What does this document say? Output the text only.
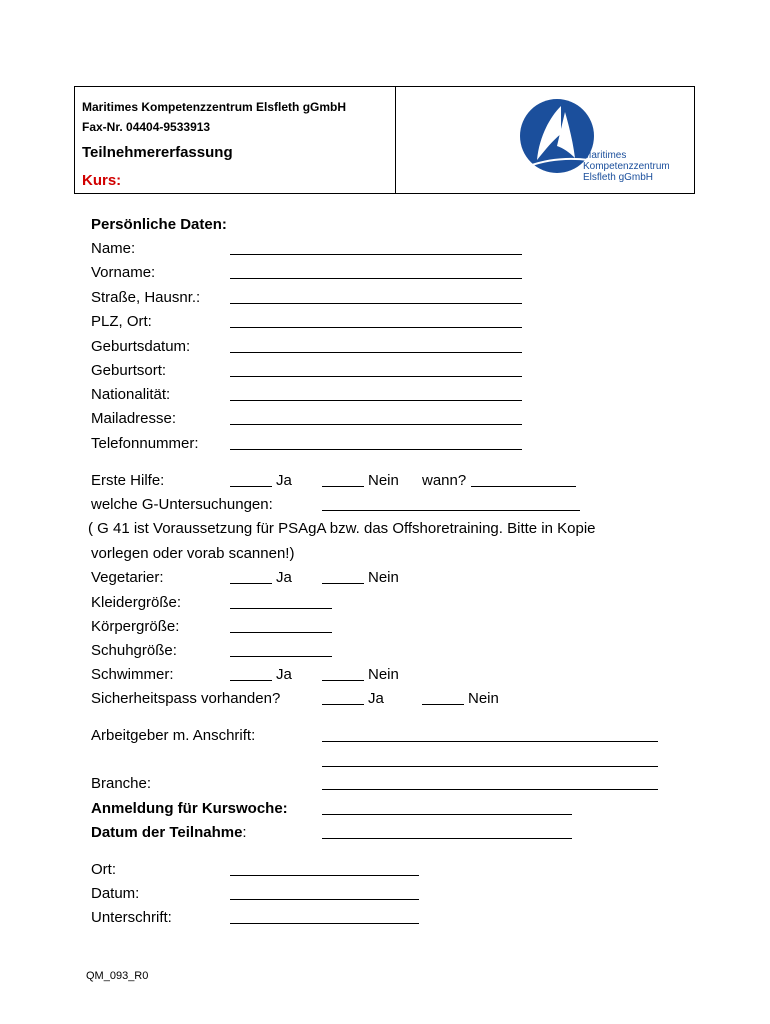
Maritimes Kompetenzzentrum Elsfleth gGmbH
Fax-Nr. 04404-9533913
Teilnehmererfassung
Kurs:
Maritimes
Kompetenzzentrum
Elsfleth gGmbH
Persönliche Daten:
Name:
Vorname:
Straße, Hausnr.:
PLZ, Ort:
Geburtsdatum:
Geburtsort:
Nationalität:
Mailadresse:
Telefonnummer:
Erste Hilfe:	Ja	Nein wann?
welche G-Untersuchungen:
( G 41 ist Voraussetzung für PSAgA bzw. das Offshoretraining. Bitte in Kopie
vorlegen oder vorab scannen!)
Vegetarier:	Ja	Nein
Kleidergröße:
Körpergröße:
Schuhgröße:
Schwimmer:	Ja	Nein
Sicherheitspass vorhanden?	Ja	Nein
Arbeitgeber m. Anschrift:
Branche:
Anmeldung für Kurswoche:
Datum der Teilnahme:
Ort:
Datum:
Unterschrift:
QM_093_R0
